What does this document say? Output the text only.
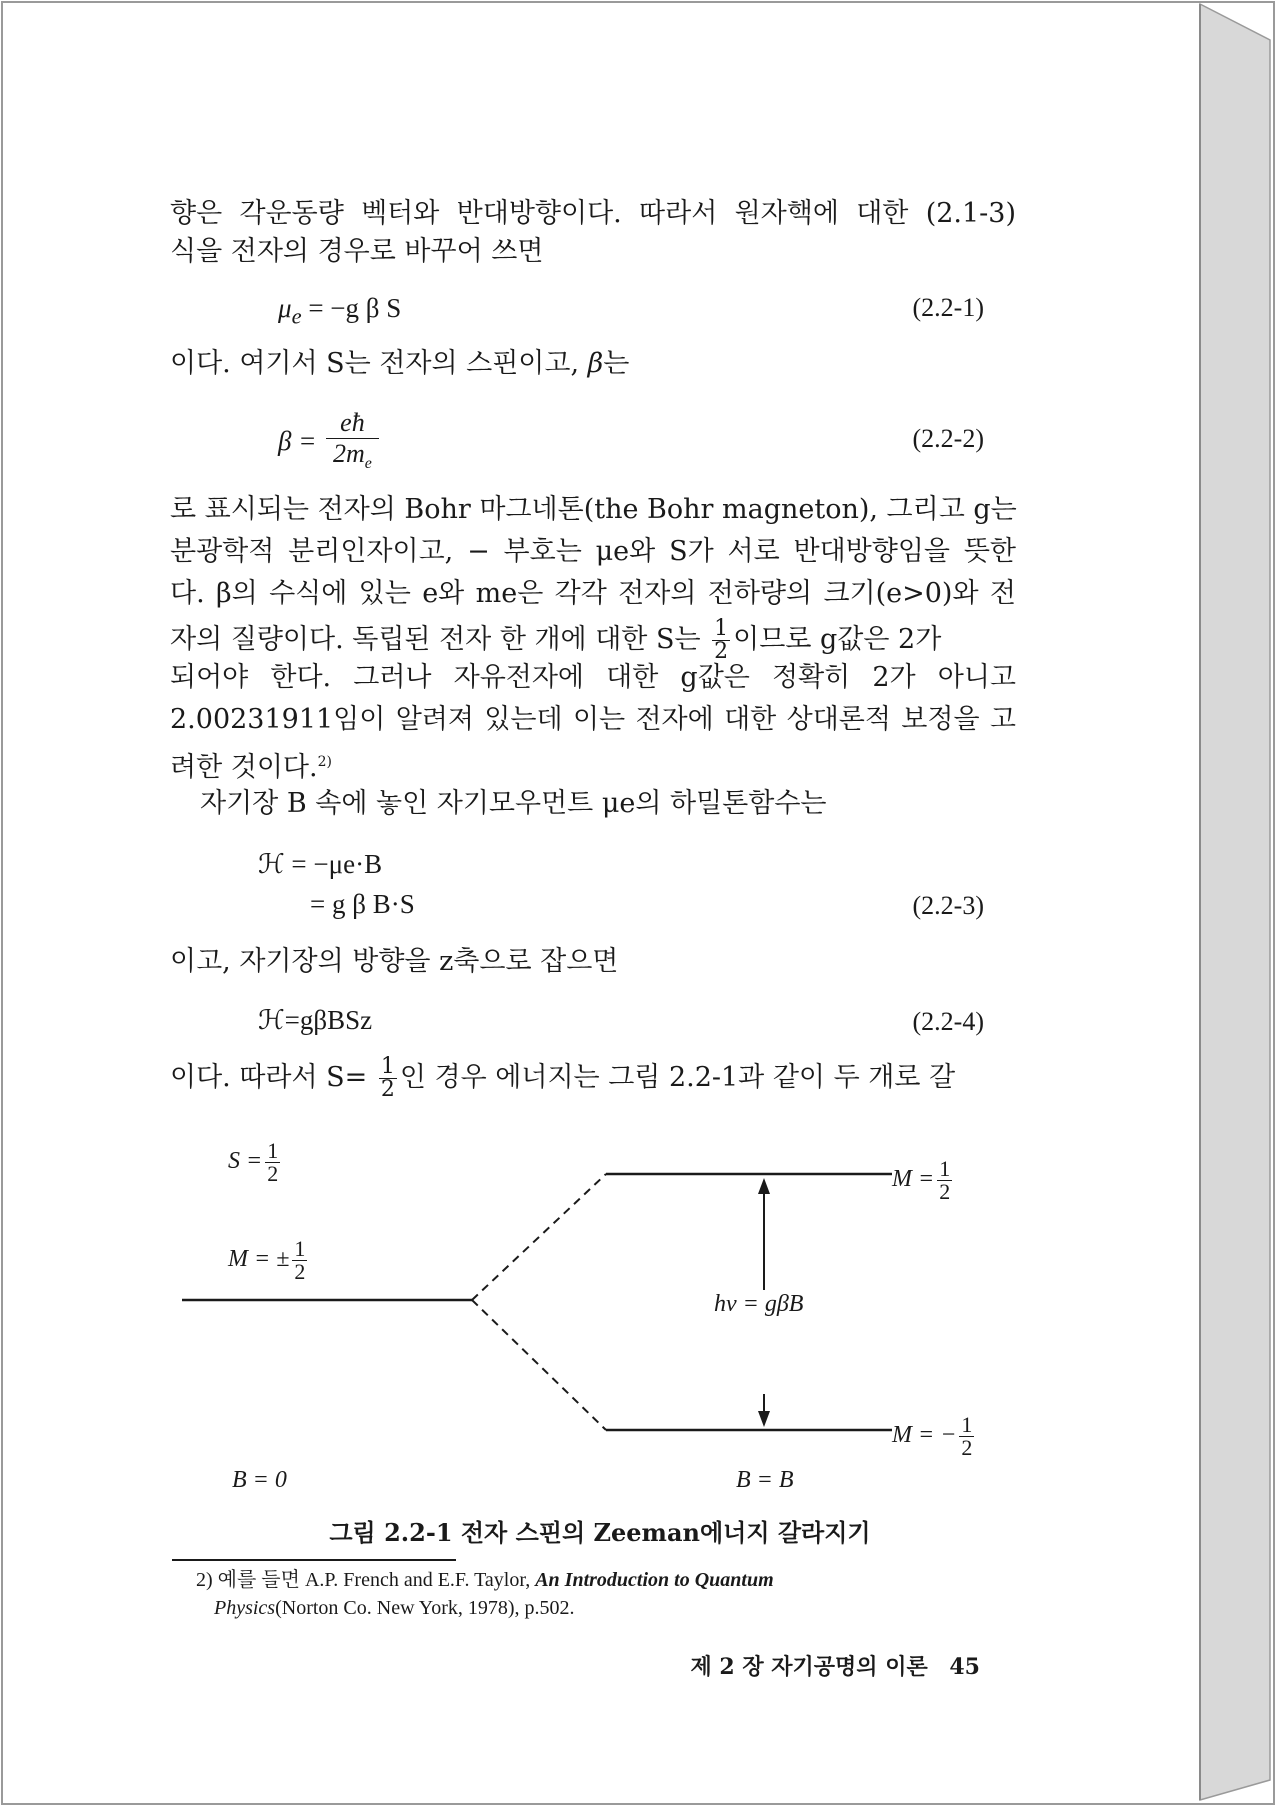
향은 각운동량 벡터와 반대방향이다. 따라서 원자핵에 대한 (2.1-3)
식을 전자의 경우로 바꾸어 쓰면
$\mu_e = -g$ β S	(2.2-1)
이다. 여기서 S는 전자의 스핀이고, β는
$\beta = \frac{eħ}{2m_e}$	(2.2-2)
로 표시되는 전자의 Bohr 마그네톤(the Bohr magneton), 그리고 g는
분광학적 분리인자이고, − 부호는 μe와 S가 서로 반대방향임을 뜻한
다. β의 수식에 있는 e와 me은 각각 전자의 전하량의 크기(e>0)와 전
자의 질량이다. 독립된 전자 한 개에 대한 S는 $\frac{1}{2}$ 이므로 g값은 2가
되어야 한다. 그러나 자유전자에 대한 g값은 정확히 2가 아니고
2.00231911임이 알려져 있는데 이는 전자에 대한 상대론적 보정을 고
려한 것이다.$^{2)}$
자기장 B 속에 놓인 자기모우먼트 μe의 하밀톤함수는
ℋ = −μe·B
= g β B·S	(2.2-3)
이고, 자기장의 방향을 z축으로 잡으면
ℋ=gβBSz	(2.2-4)
이다. 따라서 $S= \frac{1}{2}$ 인 경우 에너지는 그림 2.2-1과 같이 두 개로 갈
$S = \frac{1}{2}$
M = ± $\frac{1}{2}$
$M = \frac{1}{2}$
M = − $\frac{1}{2}$
hν = gβB
B = 0	B = B
그림 2.2-1 전자 스핀의 Zeeman에너지 갈라지기
2) 예를 들면 A.P. French and E.F. Taylor, An Introduction to Quantum
Physics(Norton Co. New York, 1978), p.502.
제 2 장 자기공명의 이론 45
